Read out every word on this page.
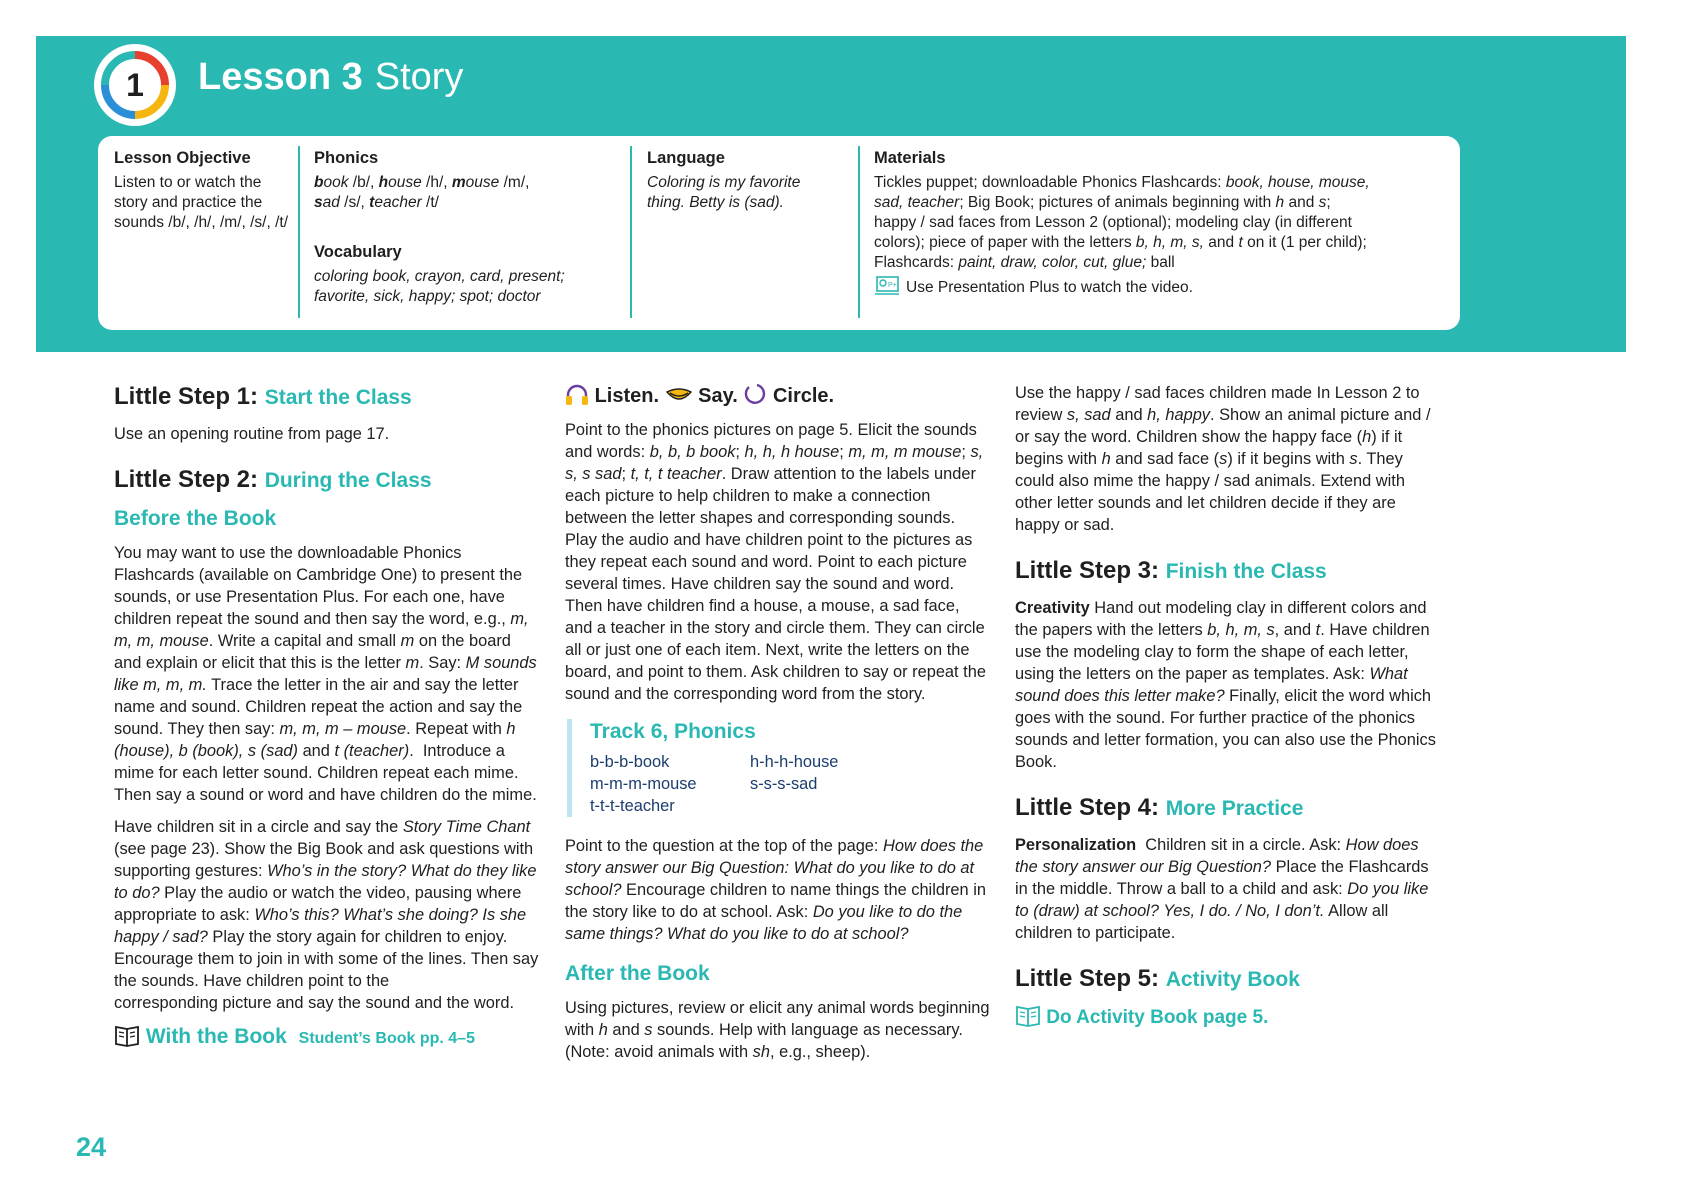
1 Lesson 3 Story
Lesson Objective

Listen to or watch the story and practice the sounds /b/, /h/, /m/, /s/, /t/

Phonics

book /b/, house /h/, mouse /m/,
sad /s/, teacher /t/

Vocabulary

coloring book, crayon, card, present;
favorite, sick, happy; spot; doctor

Language

Coloring is my favorite
thing. Betty is (sad).

Materials

Tickles puppet; downloadable Phonics Flashcards: book, house, mouse,
sad, teacher; Big Book; pictures of animals beginning with h and s;
happy / sad faces from Lesson 2 (optional); modeling clay (in different
colors); piece of paper with the letters b, h, m, s, and t on it (1 per child);
Flashcards: paint, draw, color, cut, glue; ball

P+ Use Presentation Plus to watch the video.

Little Step 1: Start the Class

Use an opening routine from page 17.

Little Step 2: During the Class
Before the Book

You may want to use the downloadable Phonics Flashcards (available on Cambridge One) to present the sounds, or use Presentation Plus. For each one, have children repeat the sound and then say the word, e.g., m, m, m, mouse. Write a capital and small m on the board and explain or elicit that this is the letter m. Say: M sounds like m, m, m. Trace the letter in the air and say the letter name and sound. Children repeat the action and say the sound. They then say: m, m, m – mouse. Repeat with h (house), b (book), s (sad) and t (teacher).  Introduce a mime for each letter sound. Children repeat each mime. Then say a sound or word and have children do the mime.

Have children sit in a circle and say the Story Time Chant (see page 23). Show the Big Book and ask questions with supporting gestures: Who’s in the story? What do they like to do? Play the audio or watch the video, pausing where appropriate to ask: Who’s this? What’s she doing? Is she happy / sad? Play the story again for children to enjoy. Encourage them to join in with some of the lines. Then say the sounds. Have children point to the
corresponding picture and say the sound and the word.

With the Book Student’s Book pp. 4–5
Listen. Say. Circle.

Point to the phonics pictures on page 5. Elicit the sounds and words: b, b, b book; h, h, h house; m, m, m mouse; s, s, s sad; t, t, t teacher. Draw attention to the labels under each picture to help children to make a connection between the letter shapes and corresponding sounds. Play the audio and have children point to the pictures as they repeat each sound and word. Point to each picture several times. Have children say the sound and word. Then have children find a house, a mouse, a sad face, and a teacher in the story and circle them. They can circle all or just one of each item. Next, write the letters on the board, and point to them. Ask children to say or repeat the sound and the corresponding word from the story.

Track 6, Phonics
b-b-b-book	h-h-h-house
m-m-m-mouse	s-s-s-sad
t-t-t-teacher	

Point to the question at the top of the page: How does the story answer our Big Question: What do you like to do at school? Encourage children to name things the children in the story like to do at school. Ask: Do you like to do the same things? What do you like to do at school?

After the Book

Using pictures, review or elicit any animal words beginning with h and s sounds. Help with language as necessary. (Note: avoid animals with sh, e.g., sheep).

Use the happy / sad faces children made In Lesson 2 to review s, sad and h, happy. Show an animal picture and / or say the word. Children show the happy face (h) if it begins with h and sad face (s) if it begins with s. They could also mime the happy / sad animals. Extend with other letter sounds and let children decide if they are happy or sad.

Little Step 3: Finish the Class

Creativity Hand out modeling clay in different colors and the papers with the letters b, h, m, s, and t. Have children use the modeling clay to form the shape of each letter, using the letters on the paper as templates. Ask: What sound does this letter make? Finally, elicit the word which goes with the sound. For further practice of the phonics sounds and letter formation, you can also use the Phonics Book.

Little Step 4: More Practice

Personalization  Children sit in a circle. Ask: How does the story answer our Big Question? Place the Flashcards in the middle. Throw a ball to a child and ask: Do you like to (draw) at school? Yes, I do. / No, I don’t. Allow all children to participate.

Little Step 5: Activity Book
Do Activity Book page 5.
24
